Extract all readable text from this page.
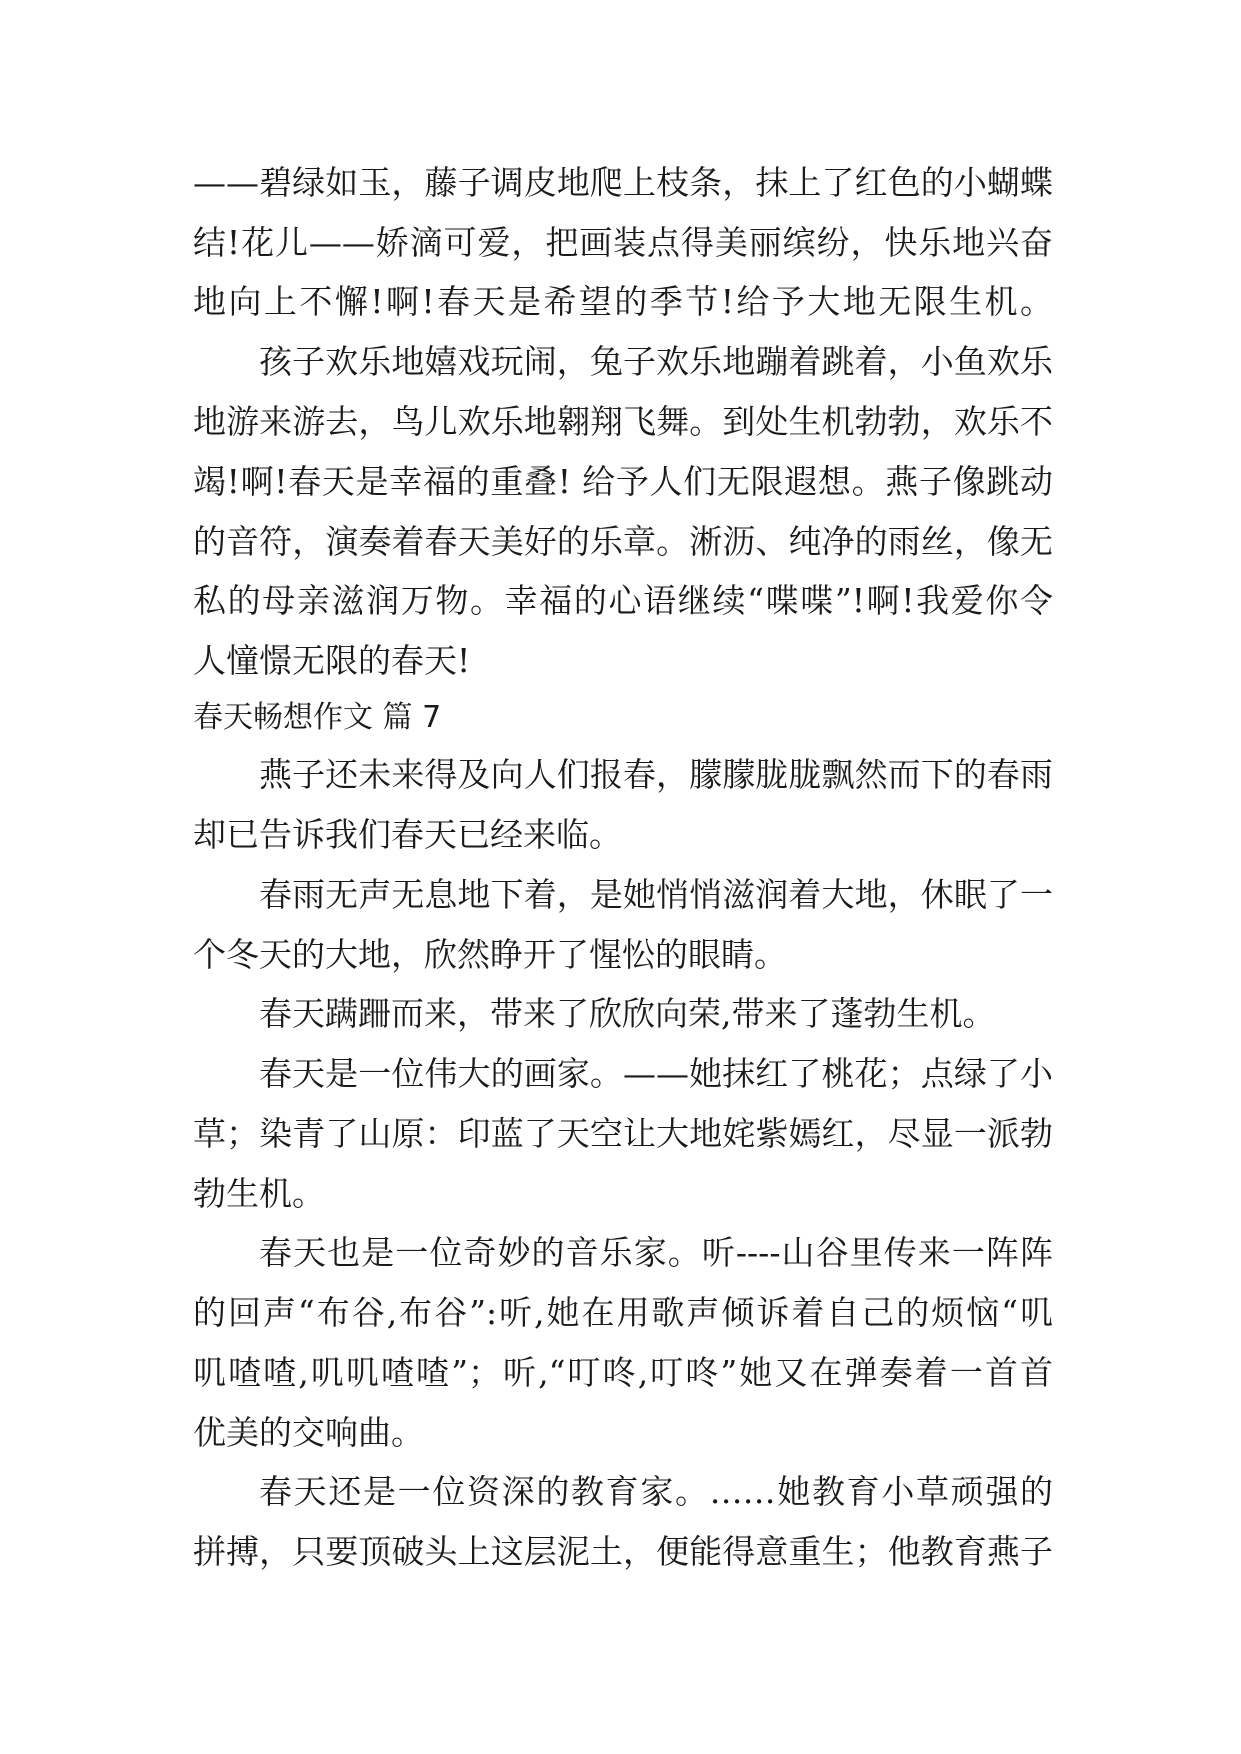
——碧绿如玉，藤子调皮地爬上枝条，抹上了红色的小蝴蝶
结!花儿——娇滴可爱，把画装点得美丽缤纷，快乐地兴奋
地向上不懈!啊!春天是希望的季节!给予大地无限生机。
孩子欢乐地嬉戏玩闹，兔子欢乐地蹦着跳着，小鱼欢乐
地游来游去，鸟儿欢乐地翱翔飞舞。到处生机勃勃，欢乐不
竭!啊!春天是幸福的重叠! 给予人们无限遐想。燕子像跳动
的音符，演奏着春天美好的乐章。淅沥、纯净的雨丝，像无
私的母亲滋润万物。幸福的心语继续“喋喋”!啊!我爱你令
人憧憬无限的春天!
春天畅想作文 篇 7
燕子还未来得及向人们报春，朦朦胧胧飘然而下的春雨
却已告诉我们春天已经来临。
春雨无声无息地下着，是她悄悄滋润着大地，休眠了一
个冬天的大地，欣然睁开了惺忪的眼睛。
春天蹒跚而来，带来了欣欣向荣,带来了蓬勃生机。
春天是一位伟大的画家。——她抹红了桃花；点绿了小
草；染青了山原：印蓝了天空让大地姹紫嫣红，尽显一派勃
勃生机。
春天也是一位奇妙的音乐家。听----山谷里传来一阵阵
的回声“布谷,布谷”:听,她在用歌声倾诉着自己的烦恼“叽
叽喳喳,叽叽喳喳”；听,“叮咚,叮咚”她又在弹奏着一首首
优美的交响曲。
春天还是一位资深的教育家。……她教育小草顽强的
拼搏，只要顶破头上这层泥土，便能得意重生；他教育燕子
